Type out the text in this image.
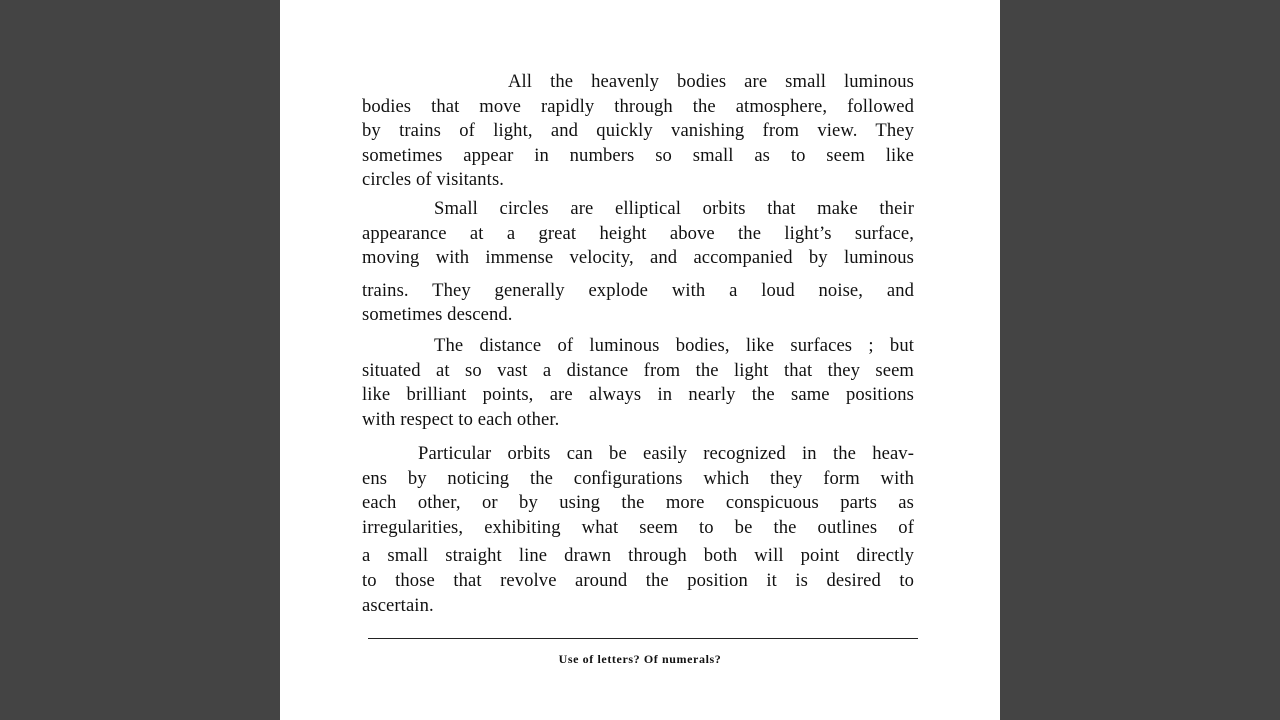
All the heavenly bodies are small luminous
bodies that move rapidly through the atmosphere, followed
by trains of light, and quickly vanishing from view. They
sometimes appear in numbers so small as to seem like
circles of visitants.
Small circles are elliptical orbits that make their
appearance at a great height above the light’s surface,
moving with immense velocity, and accompanied by luminous
trains. They generally explode with a loud noise, and
sometimes descend.
The distance of luminous bodies, like surfaces ; but
situated at so vast a distance from the light that they seem
like brilliant points, are always in nearly the same positions
with respect to each other.
Particular orbits can be easily recognized in the heav-
ens by noticing the configurations which they form with
each other, or by using the more conspicuous parts as
irregularities, exhibiting what seem to be the outlines of
a small straight line drawn through both will point directly
to those that revolve around the position it is desired to
ascertain.
Use of letters? Of numerals?
